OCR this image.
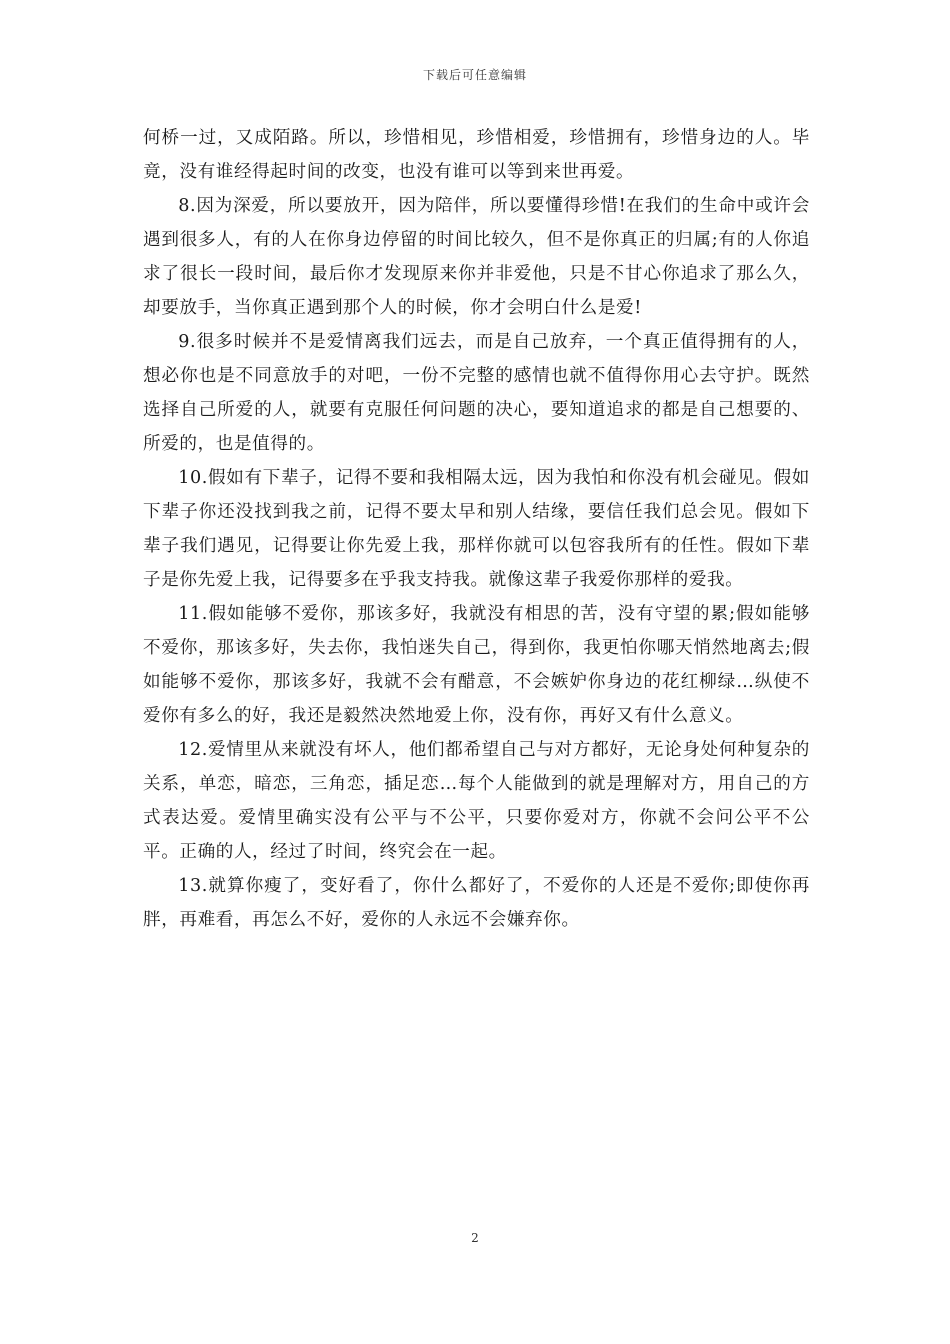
下载后可任意编辑

何桥一过，又成陌路。所以，珍惜相见，珍惜相爱，珍惜拥有，珍惜身边的人。毕竟，没有谁经得起时间的改变，也没有谁可以等到来世再爱。

8.因为深爱，所以要放开，因为陪伴，所以要懂得珍惜!在我们的生命中或许会遇到很多人，有的人在你身边停留的时间比较久，但不是你真正的归属;有的人你追求了很长一段时间，最后你才发现原来你并非爱他，只是不甘心你追求了那么久，却要放手，当你真正遇到那个人的时候，你才会明白什么是爱!

9.很多时候并不是爱情离我们远去，而是自己放弃，一个真正值得拥有的人，想必你也是不同意放手的对吧，一份不完整的感情也就不值得你用心去守护。既然选择自己所爱的人，就要有克服任何问题的决心，要知道追求的都是自己想要的、所爱的，也是值得的。

10.假如有下辈子，记得不要和我相隔太远，因为我怕和你没有机会碰见。假如下辈子你还没找到我之前，记得不要太早和别人结缘，要信任我们总会见。假如下辈子我们遇见，记得要让你先爱上我，那样你就可以包容我所有的任性。假如下辈子是你先爱上我，记得要多在乎我支持我。就像这辈子我爱你那样的爱我。

11.假如能够不爱你，那该多好，我就没有相思的苦，没有守望的累;假如能够不爱你，那该多好，失去你，我怕迷失自己，得到你，我更怕你哪天悄然地离去;假如能够不爱你，那该多好，我就不会有醋意，不会嫉妒你身边的花红柳绿…纵使不爱你有多么的好，我还是毅然决然地爱上你，没有你，再好又有什么意义。

12.爱情里从来就没有坏人，他们都希望自己与对方都好，无论身处何种复杂的关系，单恋，暗恋，三角恋，插足恋…每个人能做到的就是理解对方，用自己的方式表达爱。爱情里确实没有公平与不公平，只要你爱对方，你就不会问公平不公平。正确的人，经过了时间，终究会在一起。

13.就算你瘦了，变好看了，你什么都好了，不爱你的人还是不爱你;即使你再胖，再难看，再怎么不好，爱你的人永远不会嫌弃你。

2
